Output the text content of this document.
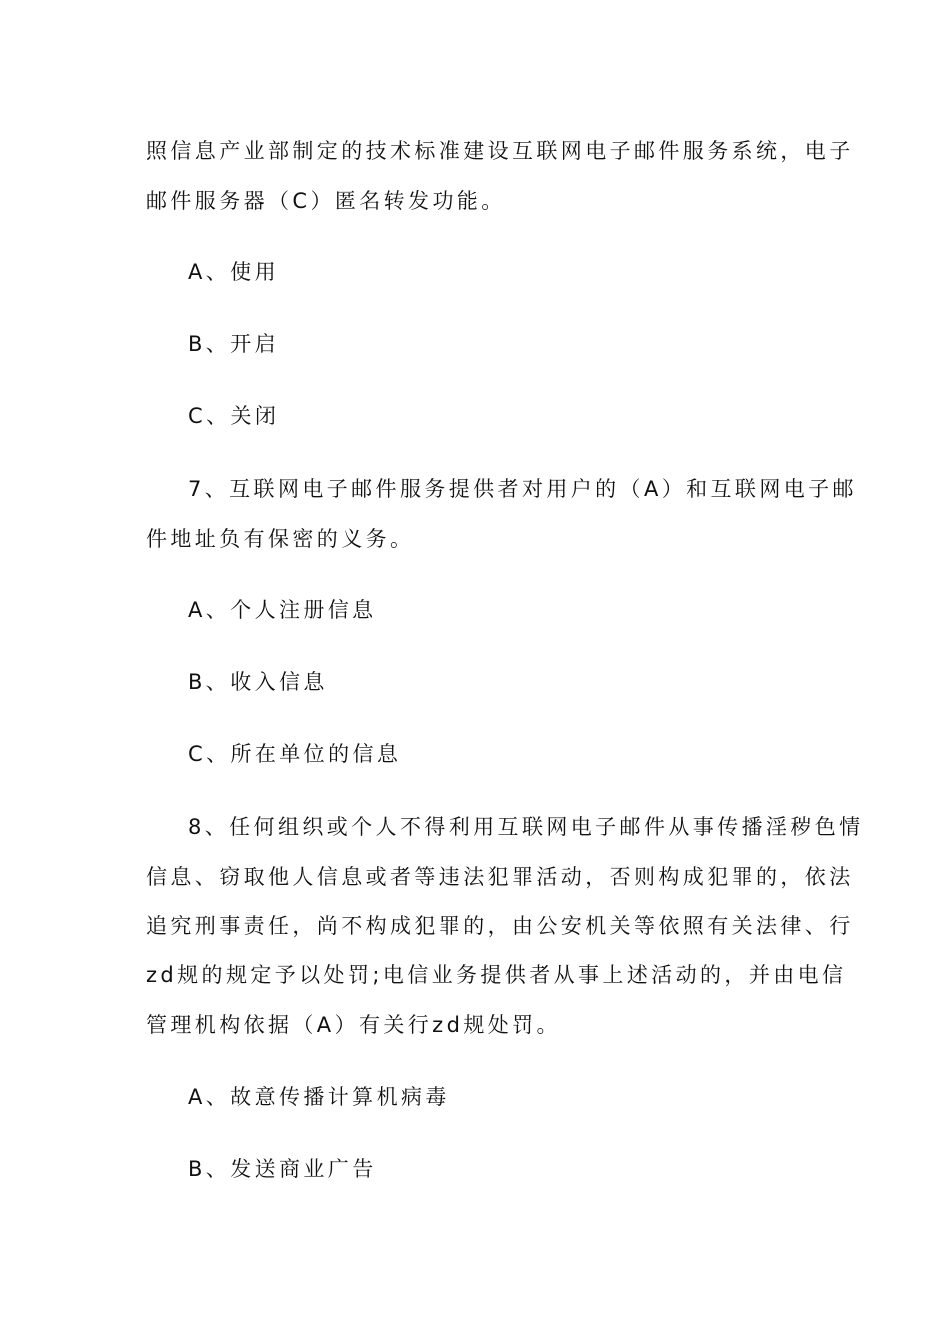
照信息产业部制定的技术标准建设互联网电子邮件服务系统，电子
邮件服务器（C）匿名转发功能。
A、使用
B、开启
C、关闭
7、互联网电子邮件服务提供者对用户的（A）和互联网电子邮
件地址负有保密的义务。
A、个人注册信息
B、收入信息
C、所在单位的信息
8、任何组织或个人不得利用互联网电子邮件从事传播淫秽色情
信息、窃取他人信息或者等违法犯罪活动，否则构成犯罪的，依法
追究刑事责任，尚不构成犯罪的，由公安机关等依照有关法律、行
zd规的规定予以处罚;电信业务提供者从事上述活动的，并由电信
管理机构依据（A）有关行zd规处罚。
A、故意传播计算机病毒
B、发送商业广告
